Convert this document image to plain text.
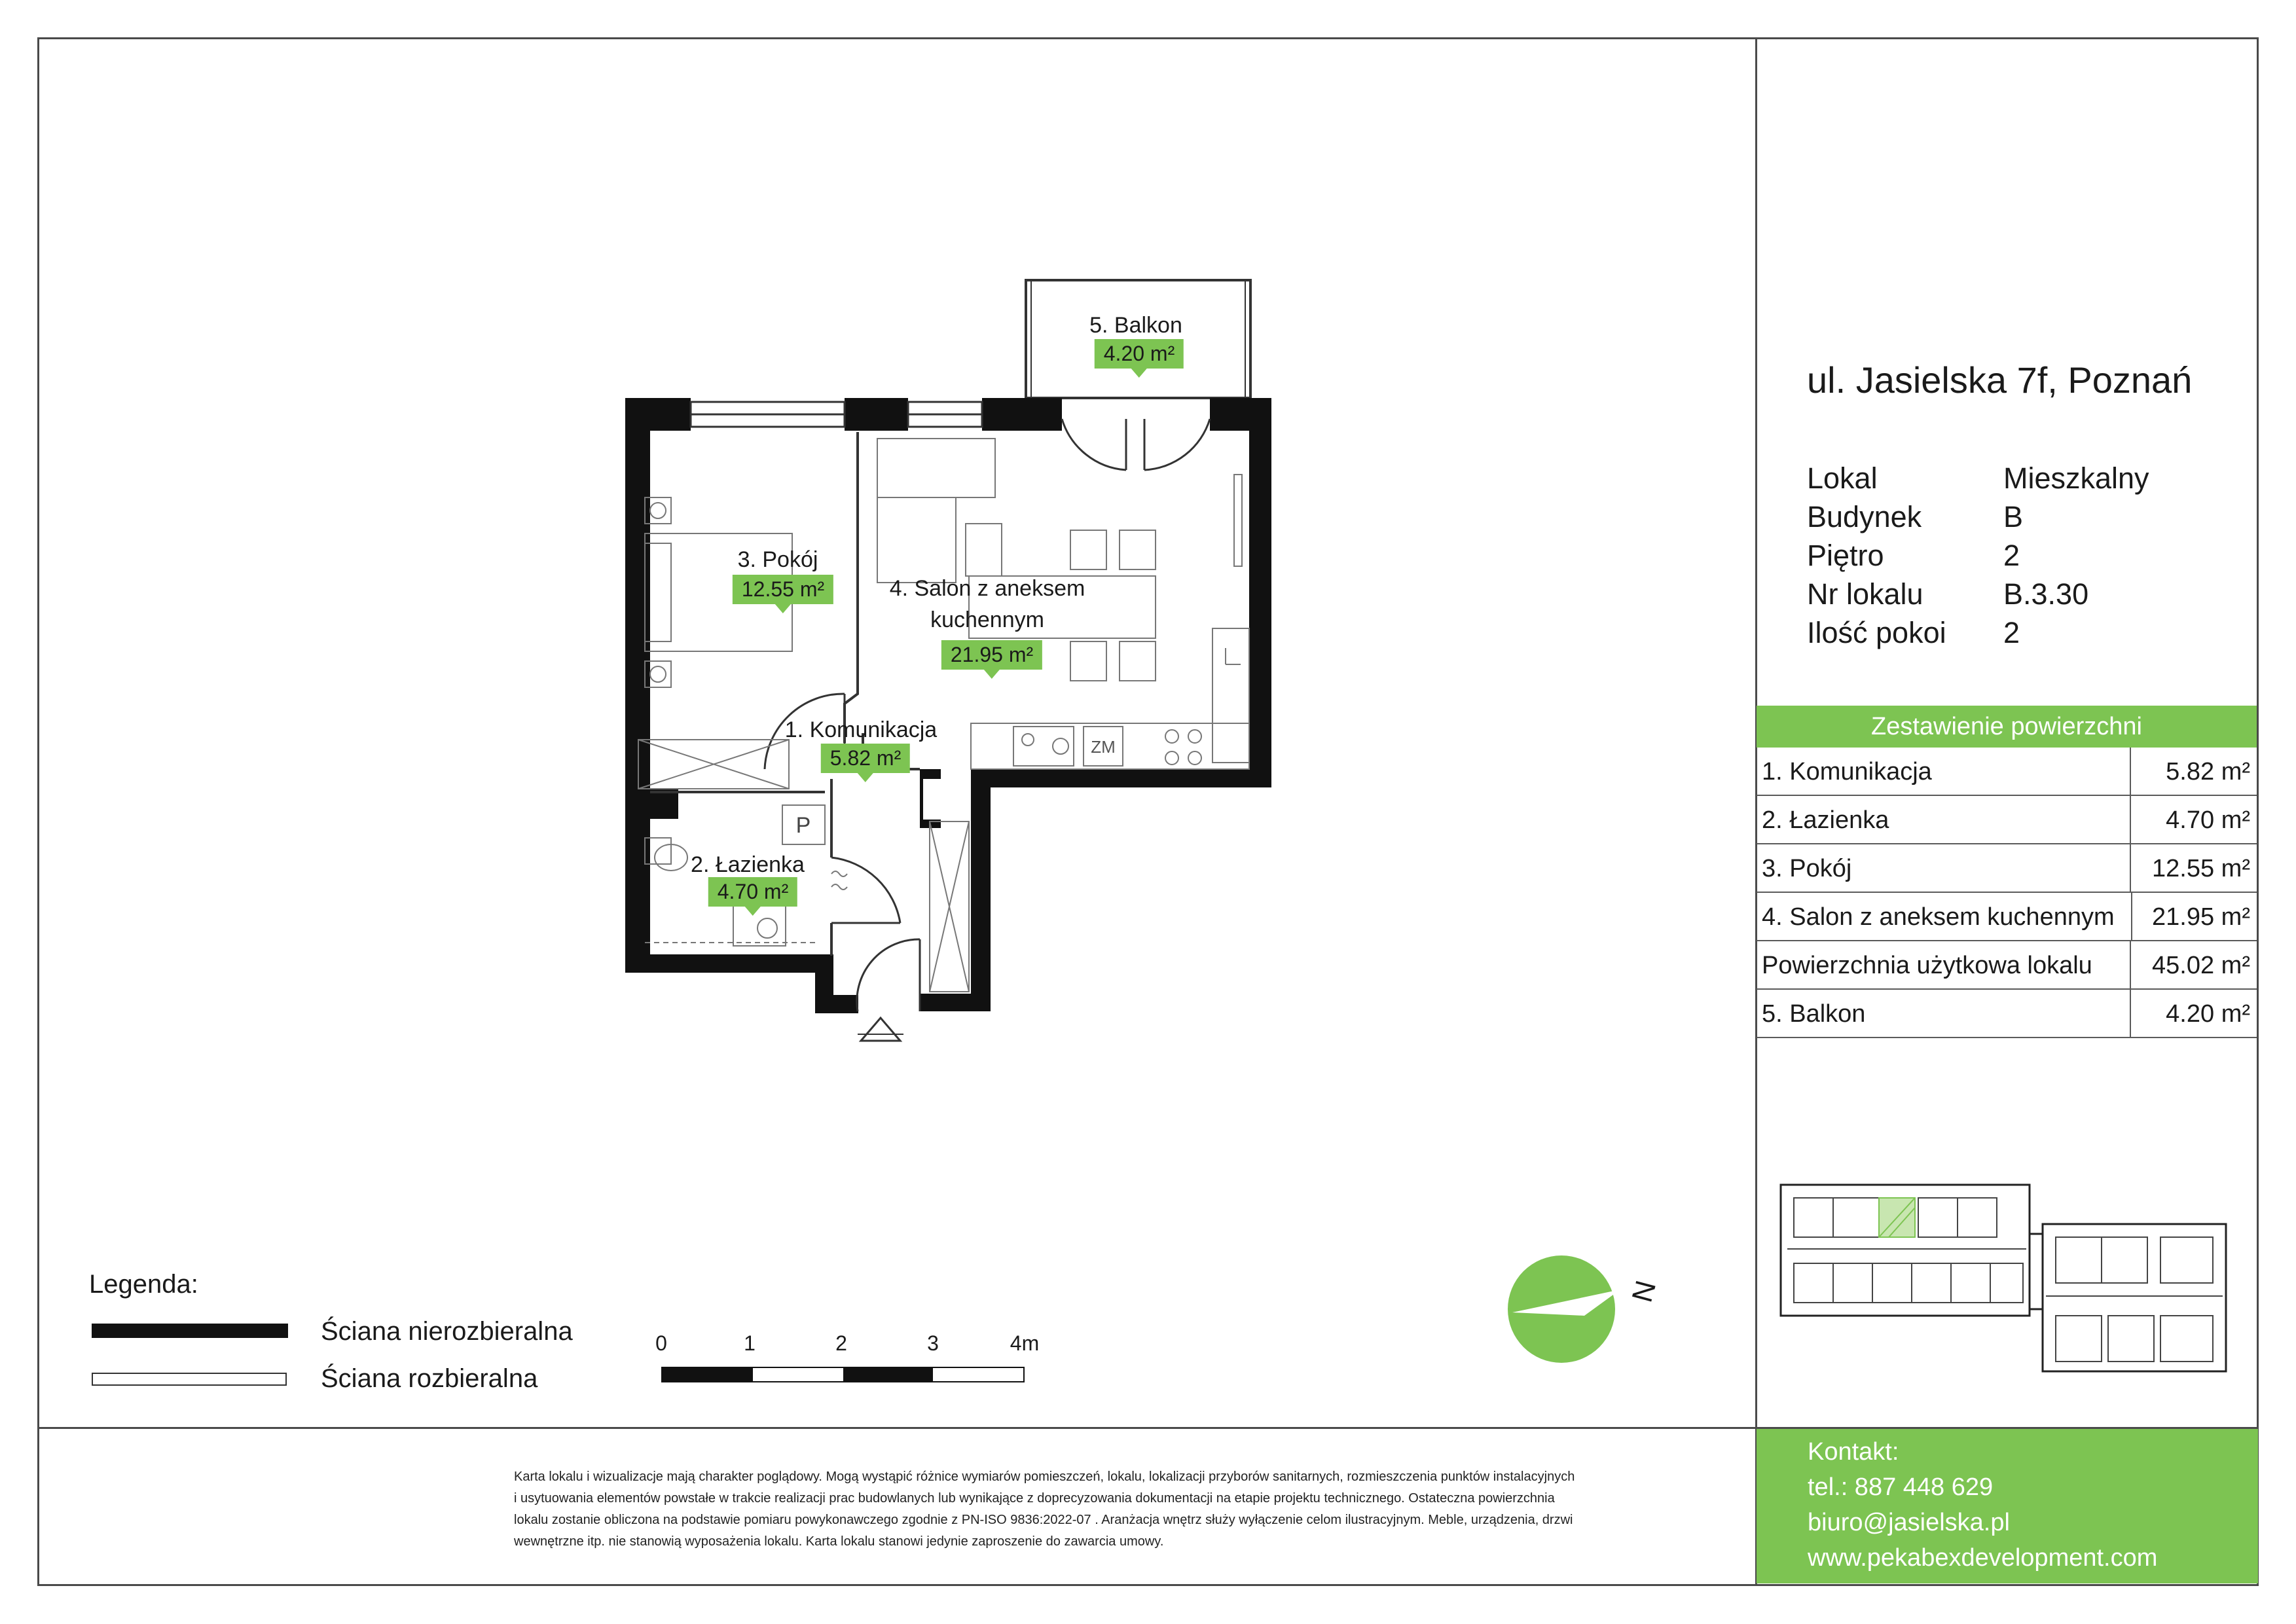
ZM
P
5. Balkon
4.20 m²
3. Pokój
12.55 m²	4. Salon z aneksem
kuchennym
21.95 m²
1. Komunikacja
5.82 m²
2. Łazienka
4.70 m²
N
Legenda:
Ściana nierozbieralna
Ściana rozbieralna
0	1	2	3	4m
ul. Jasielska 7f, Poznań
Lokal	Mieszkalny
Budynek	B
Piętro	2
Nr lokalu	B.3.30
Ilość pokoi 2
Zestawienie powierzchni
1. Komunikacja	5.82 m²
2. Łazienka	4.70 m²
3. Pokój	12.55 m²
4. Salon z aneksem kuchennym 21.95 m²
Powierzchnia użytkowa lokalu 45.02 m²
5. Balkon	4.20 m²
Karta lokalu i wizualizacje mają charakter poglądowy. Mogą wystąpić różnice wymiarów pomieszczeń, lokalu, lokalizacji przyborów sanitarnych, rozmieszczenia punktów instalacyjnych
i usytuowania elementów powstałe w trakcie realizacji prac budowlanych lub wynikające z doprecyzowania dokumentacji na etapie projektu technicznego. Ostateczna powierzchnia
lokalu zostanie obliczona na podstawie pomiaru powykonawczego zgodnie z PN-ISO 9836:2022-07 . Aranżacja wnętrz służy wyłączenie celom ilustracyjnym. Meble, urządzenia, drzwi
wewnętrzne itp. nie stanowią wyposażenia lokalu. Karta lokalu stanowi jedynie zaproszenie do zawarcia umowy.
Kontakt:
tel.: 887 448 629
biuro@jasielska.pl
www.pekabexdevelopment.com
